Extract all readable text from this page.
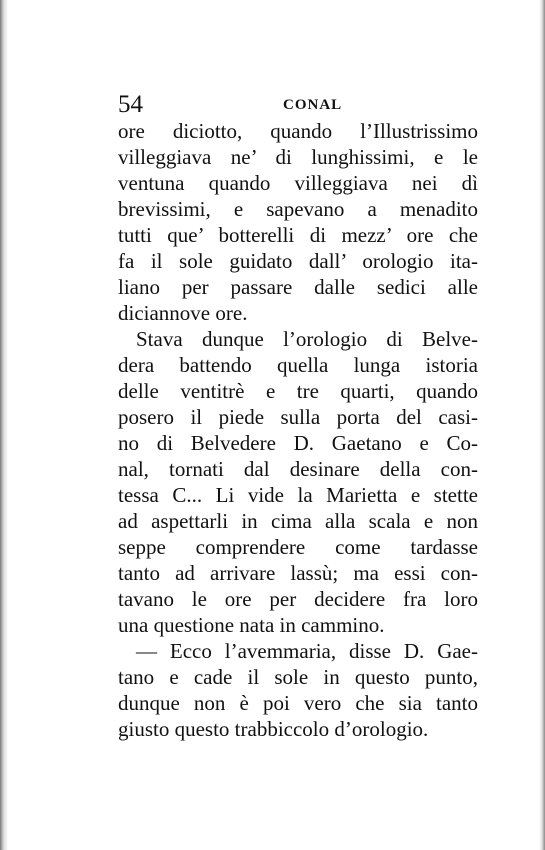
54	CONAL
ore diciotto, quando l’Illustrissimo
villeggiava ne’ di lunghissimi, e le
ventuna quando villeggiava nei dì
brevissimi, e sapevano a menadito
tutti que’ botterelli di mezz’ ore che
fa il sole guidato dall’ orologio ita-
liano per passare dalle sedici alle
diciannove ore.
Stava dunque l’orologio di Belve-
dera battendo quella lunga istoria
delle ventitrè e tre quarti, quando
posero il piede sulla porta del casi-
no di Belvedere D. Gaetano e Co-
nal, tornati dal desinare della con-
tessa C... Li vide la Marietta e stette
ad aspettarli in cima alla scala e non
seppe comprendere come tardasse
tanto ad arrivare lassù; ma essi con-
tavano le ore per decidere fra loro
una questione nata in cammino.
— Ecco l’avemmaria, disse D. Gae-
tano e cade il sole in questo punto,
dunque non è poi vero che sia tanto
giusto questo trabbiccolo d’orologio.
